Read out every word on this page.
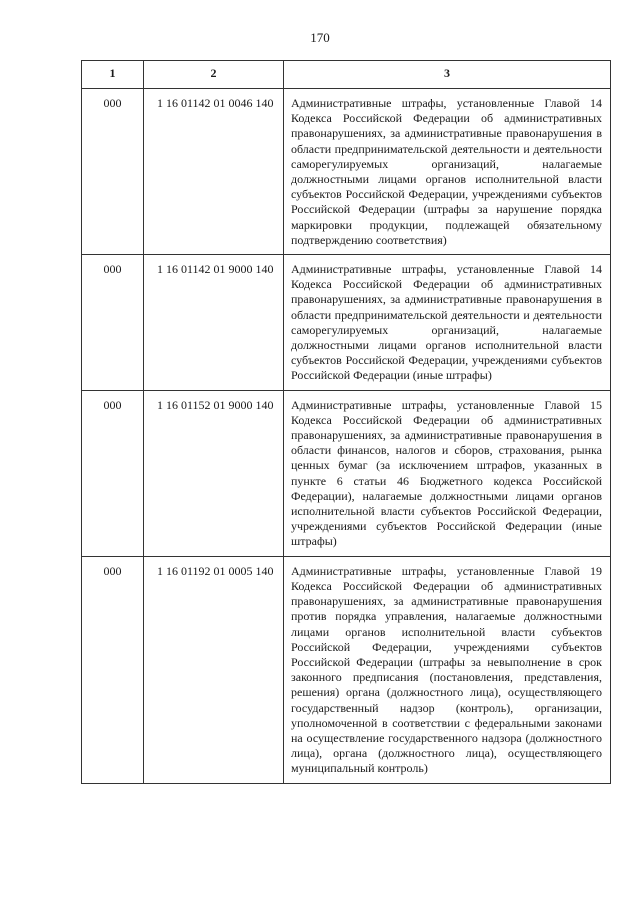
170
1	2	3
000	1 16 01142 01 0046 140	Административные штрафы, установленные Главой 14 Кодекса Российской Федерации об административных правонарушениях, за административные правонарушения в области предпринимательской деятельности и деятельности саморегулируемых организаций, налагаемые должностными лицами органов исполнительной власти субъектов Российской Федерации, учреждениями субъектов Российской Федерации (штрафы за нарушение порядка маркировки продукции, подлежащей обязательному подтверждению соответствия)
000	1 16 01142 01 9000 140	Административные штрафы, установленные Главой 14 Кодекса Российской Федерации об административных правонарушениях, за административные правонарушения в области предпринимательской деятельности и деятельности саморегулируемых организаций, налагаемые должностными лицами органов исполнительной власти субъектов Российской Федерации, учреждениями субъектов Российской Федерации (иные штрафы)
000	1 16 01152 01 9000 140	Административные штрафы, установленные Главой 15 Кодекса Российской Федерации об административных правонарушениях, за административные правонарушения в области финансов, налогов и сборов, страхования, рынка ценных бумаг (за исключением штрафов, указанных в пункте 6 статьи 46 Бюджетного кодекса Российской Федерации), налагаемые должностными лицами органов исполнительной власти субъектов Российской Федерации, учреждениями субъектов Российской Федерации (иные штрафы)
000	1 16 01192 01 0005 140	Административные штрафы, установленные Главой 19 Кодекса Российской Федерации об административных правонарушениях, за административные правонарушения против порядка управления, налагаемые должностными лицами органов исполнительной власти субъектов Российской Федерации, учреждениями субъектов Российской Федерации (штрафы за невыполнение в срок законного предписания (постановления, представления, решения) органа (должностного лица), осуществляющего государственный надзор (контроль), организации, уполномоченной в соответствии с федеральными законами на осуществление государственного надзора (должностного лица), органа (должностного лица), осуществляющего муниципальный контроль)
